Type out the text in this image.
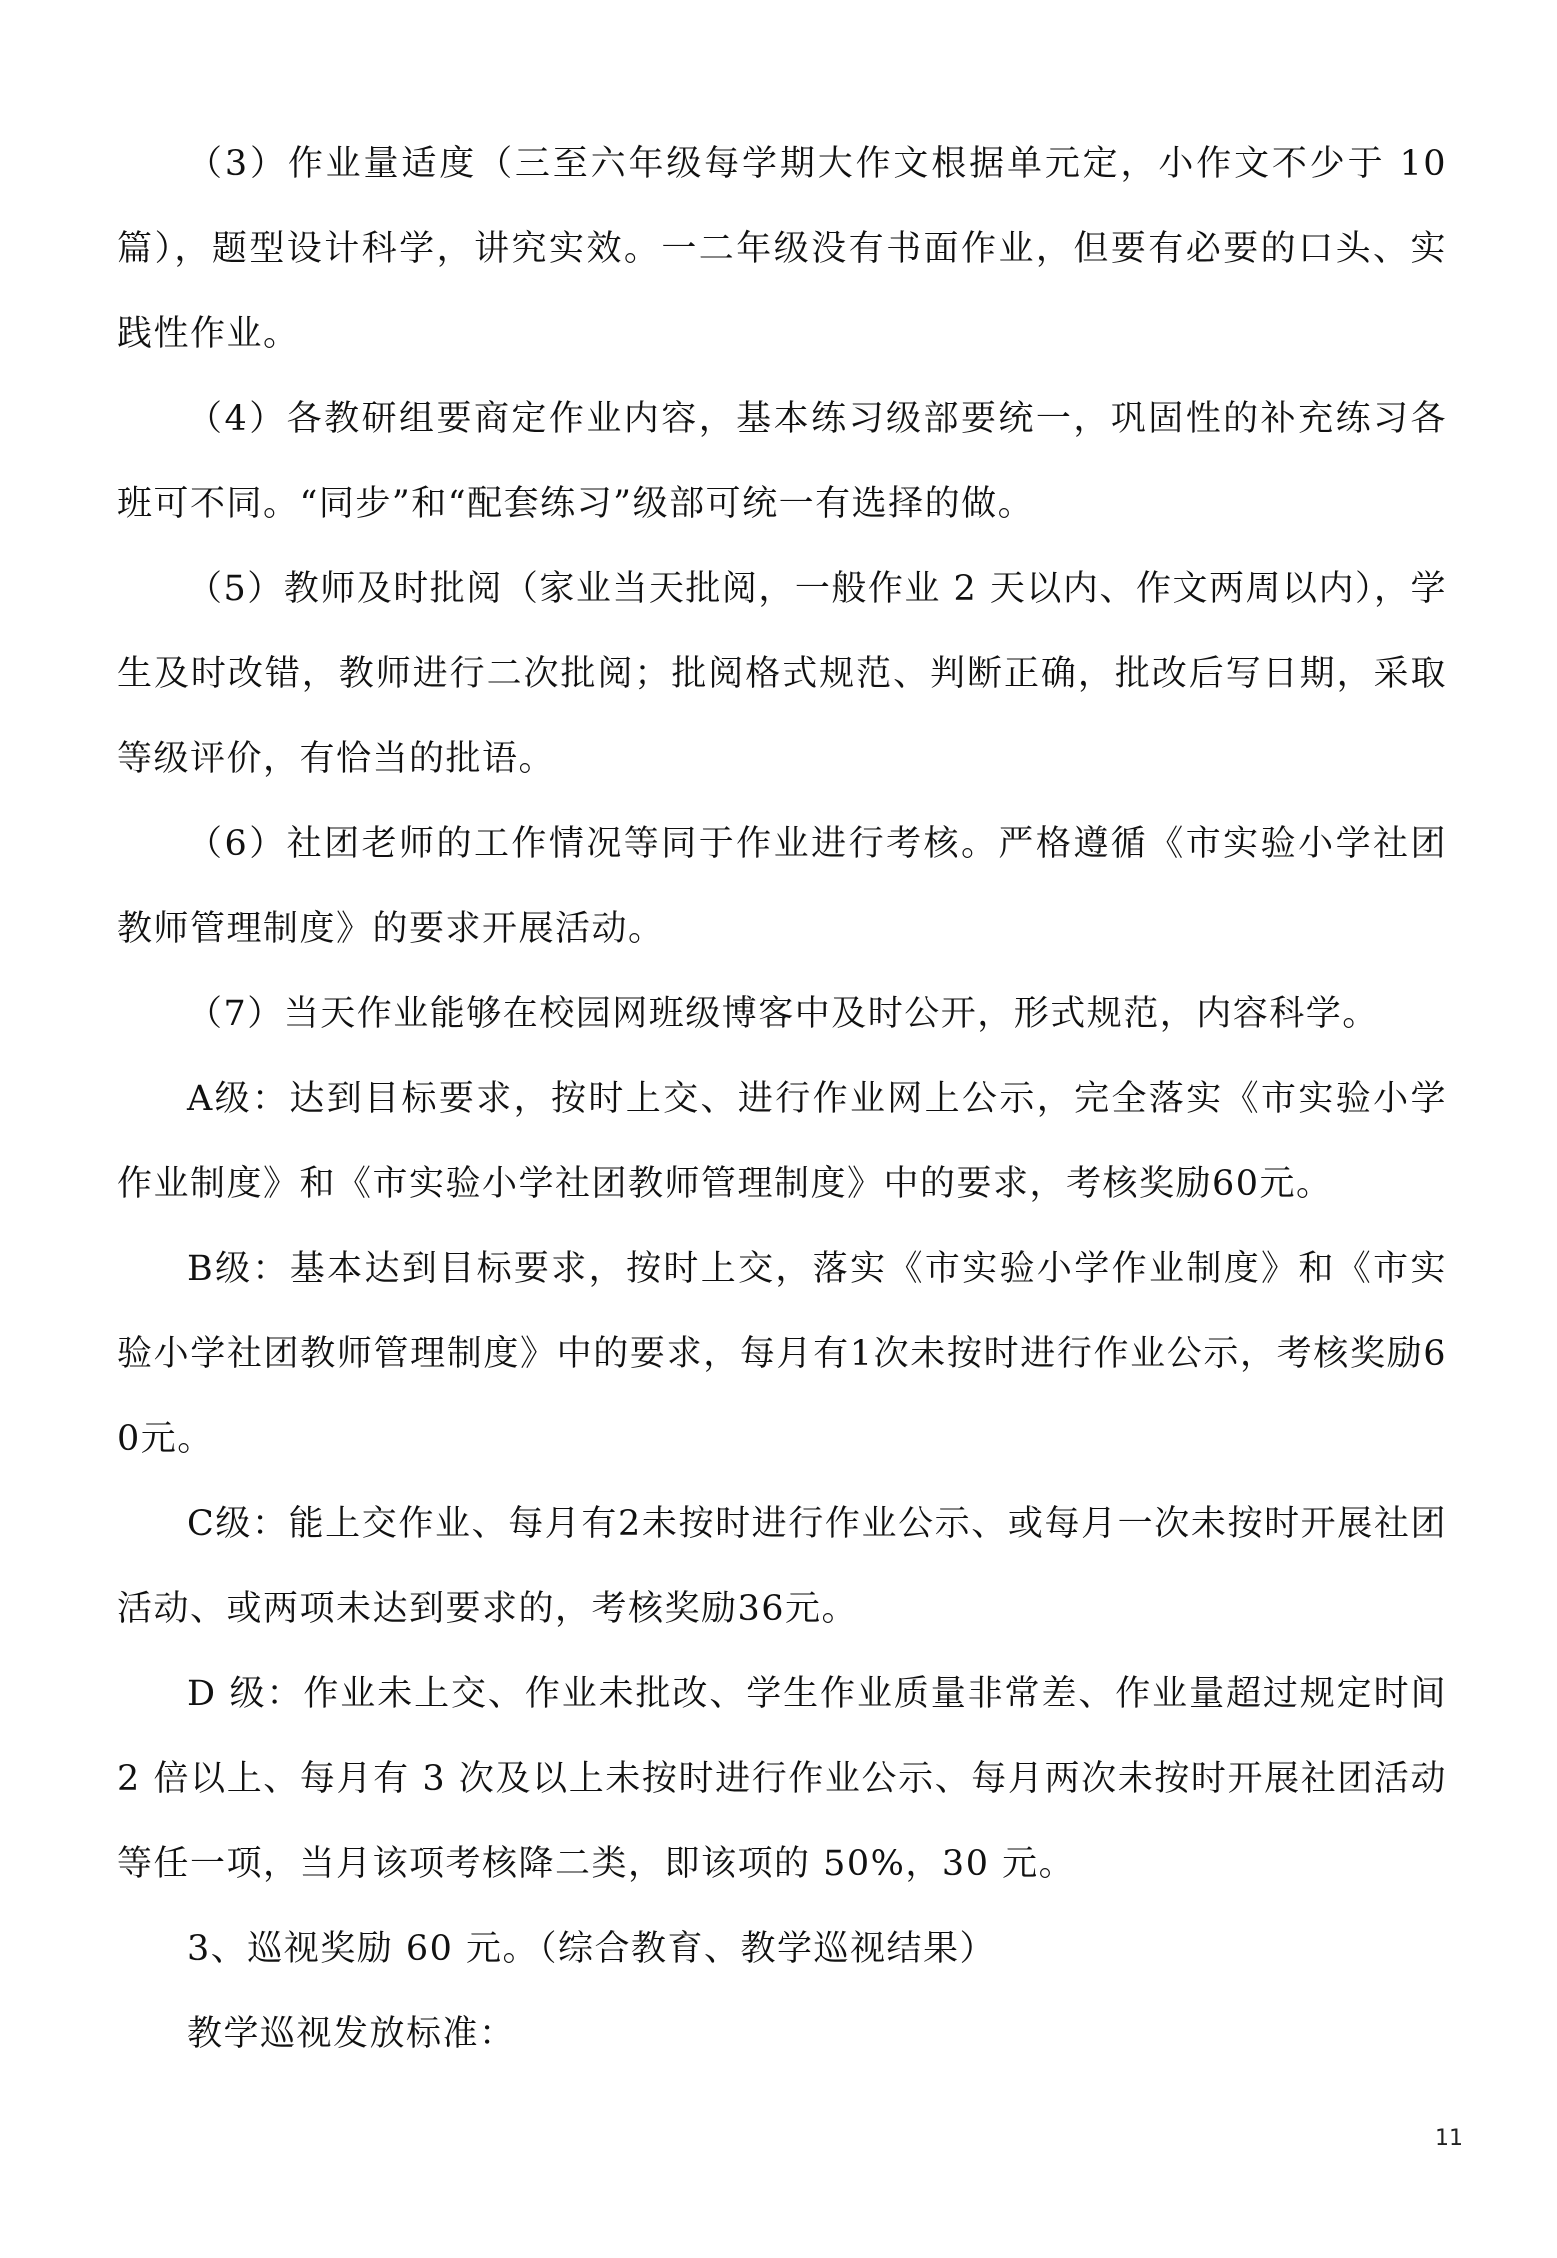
（3）作业量适度（三至六年级每学期大作文根据单元定，小作文不少于 10 篇），题型设计科学，讲究实效。一二年级没有书面作业，但要有必要的口头、实践性作业。

（4）各教研组要商定作业内容，基本练习级部要统一，巩固性的补充练习各班可不同。“同步”和“配套练习”级部可统一有选择的做。

（5）教师及时批阅（家业当天批阅，一般作业 2 天以内、作文两周以内），学生及时改错，教师进行二次批阅；批阅格式规范、判断正确，批改后写日期，采取等级评价，有恰当的批语。

（6）社团老师的工作情况等同于作业进行考核。严格遵循《市实验小学社团教师管理制度》的要求开展活动。

（7）当天作业能够在校园网班级博客中及时公开，形式规范，内容科学。

A级：达到目标要求，按时上交、进行作业网上公示，完全落实《市实验小学作业制度》和《市实验小学社团教师管理制度》中的要求，考核奖励60元。

B级：基本达到目标要求，按时上交，落实《市实验小学作业制度》和《市实验小学社团教师管理制度》中的要求，每月有1次未按时进行作业公示，考核奖励60元。

C级：能上交作业、每月有2未按时进行作业公示、或每月一次未按时开展社团活动、或两项未达到要求的，考核奖励36元。

D 级：作业未上交、作业未批改、学生作业质量非常差、作业量超过规定时间 2 倍以上、每月有 3 次及以上未按时进行作业公示、每月两次未按时开展社团活动等任一项，当月该项考核降二类，即该项的 50%，30 元。

3、巡视奖励 60 元。（综合教育、教学巡视结果）

教学巡视发放标准：

11
